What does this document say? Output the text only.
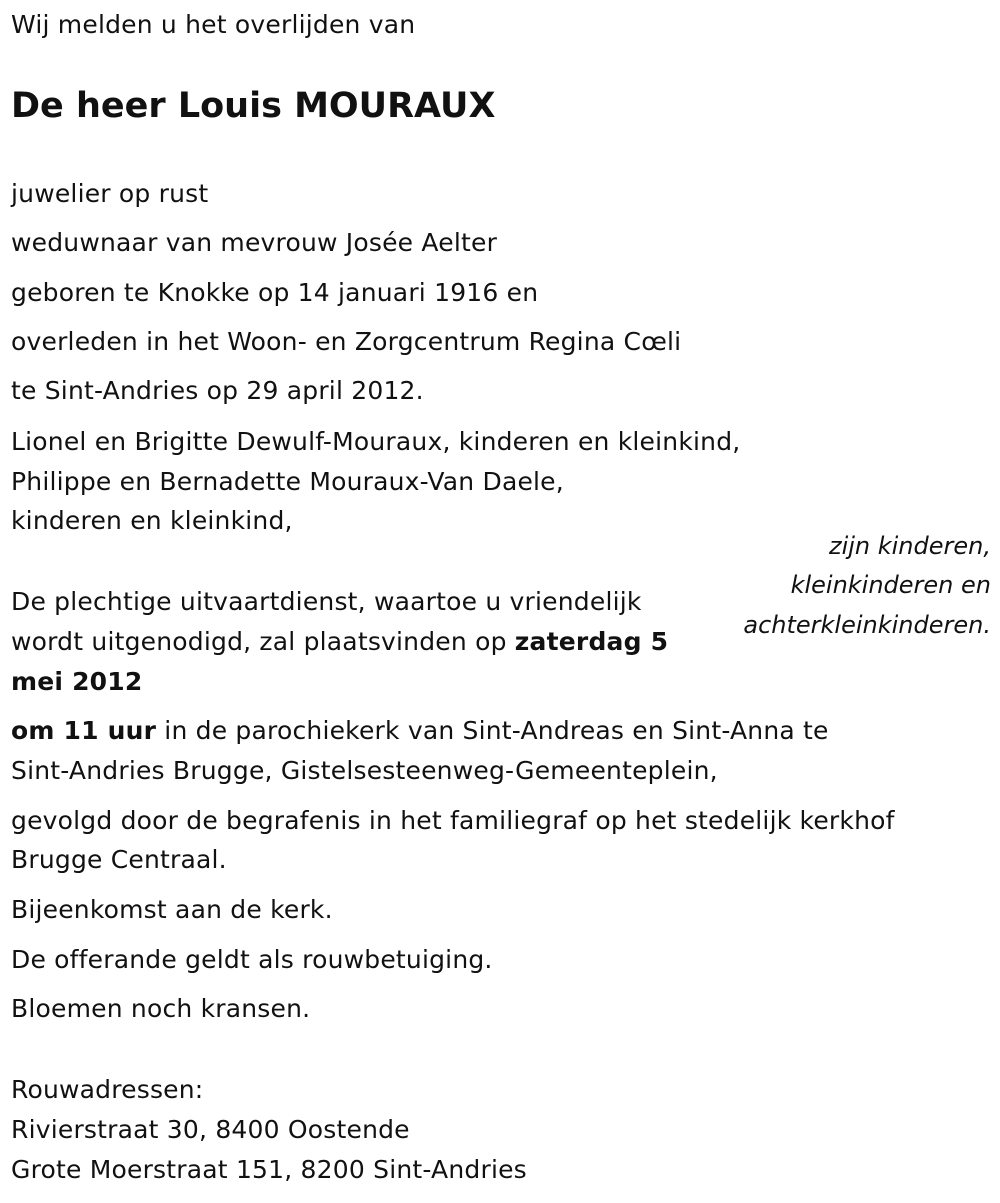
Wij melden u het overlijden van
De heer Louis MOURAUX
juwelier op rust
weduwnaar van mevrouw Josée Aelter
geboren te Knokke op 14 januari 1916 en
overleden in het Woon- en Zorgcentrum Regina Cœli
te Sint-Andries op 29 april 2012.
Lionel en Brigitte Dewulf-Mouraux, kinderen en kleinkind,
Philippe en Bernadette Mouraux-Van Daele,
kinderen en kleinkind,
zijn kinderen,
kleinkinderen en
achterkleinkinderen.
De plechtige uitvaartdienst, waartoe u vriendelijk
wordt uitgenodigd, zal plaatsvinden op zaterdag 5
mei 2012
om 11 uur in de parochiekerk van Sint-Andreas en Sint-Anna te
Sint-Andries Brugge, Gistelsesteenweg-Gemeenteplein,
gevolgd door de begrafenis in het familiegraf op het stedelijk kerkhof
Brugge Centraal.
Bijeenkomst aan de kerk.
De offerande geldt als rouwbetuiging.
Bloemen noch kransen.
Rouwadressen:
Rivierstraat 30, 8400 Oostende
Grote Moerstraat 151, 8200 Sint-Andries
